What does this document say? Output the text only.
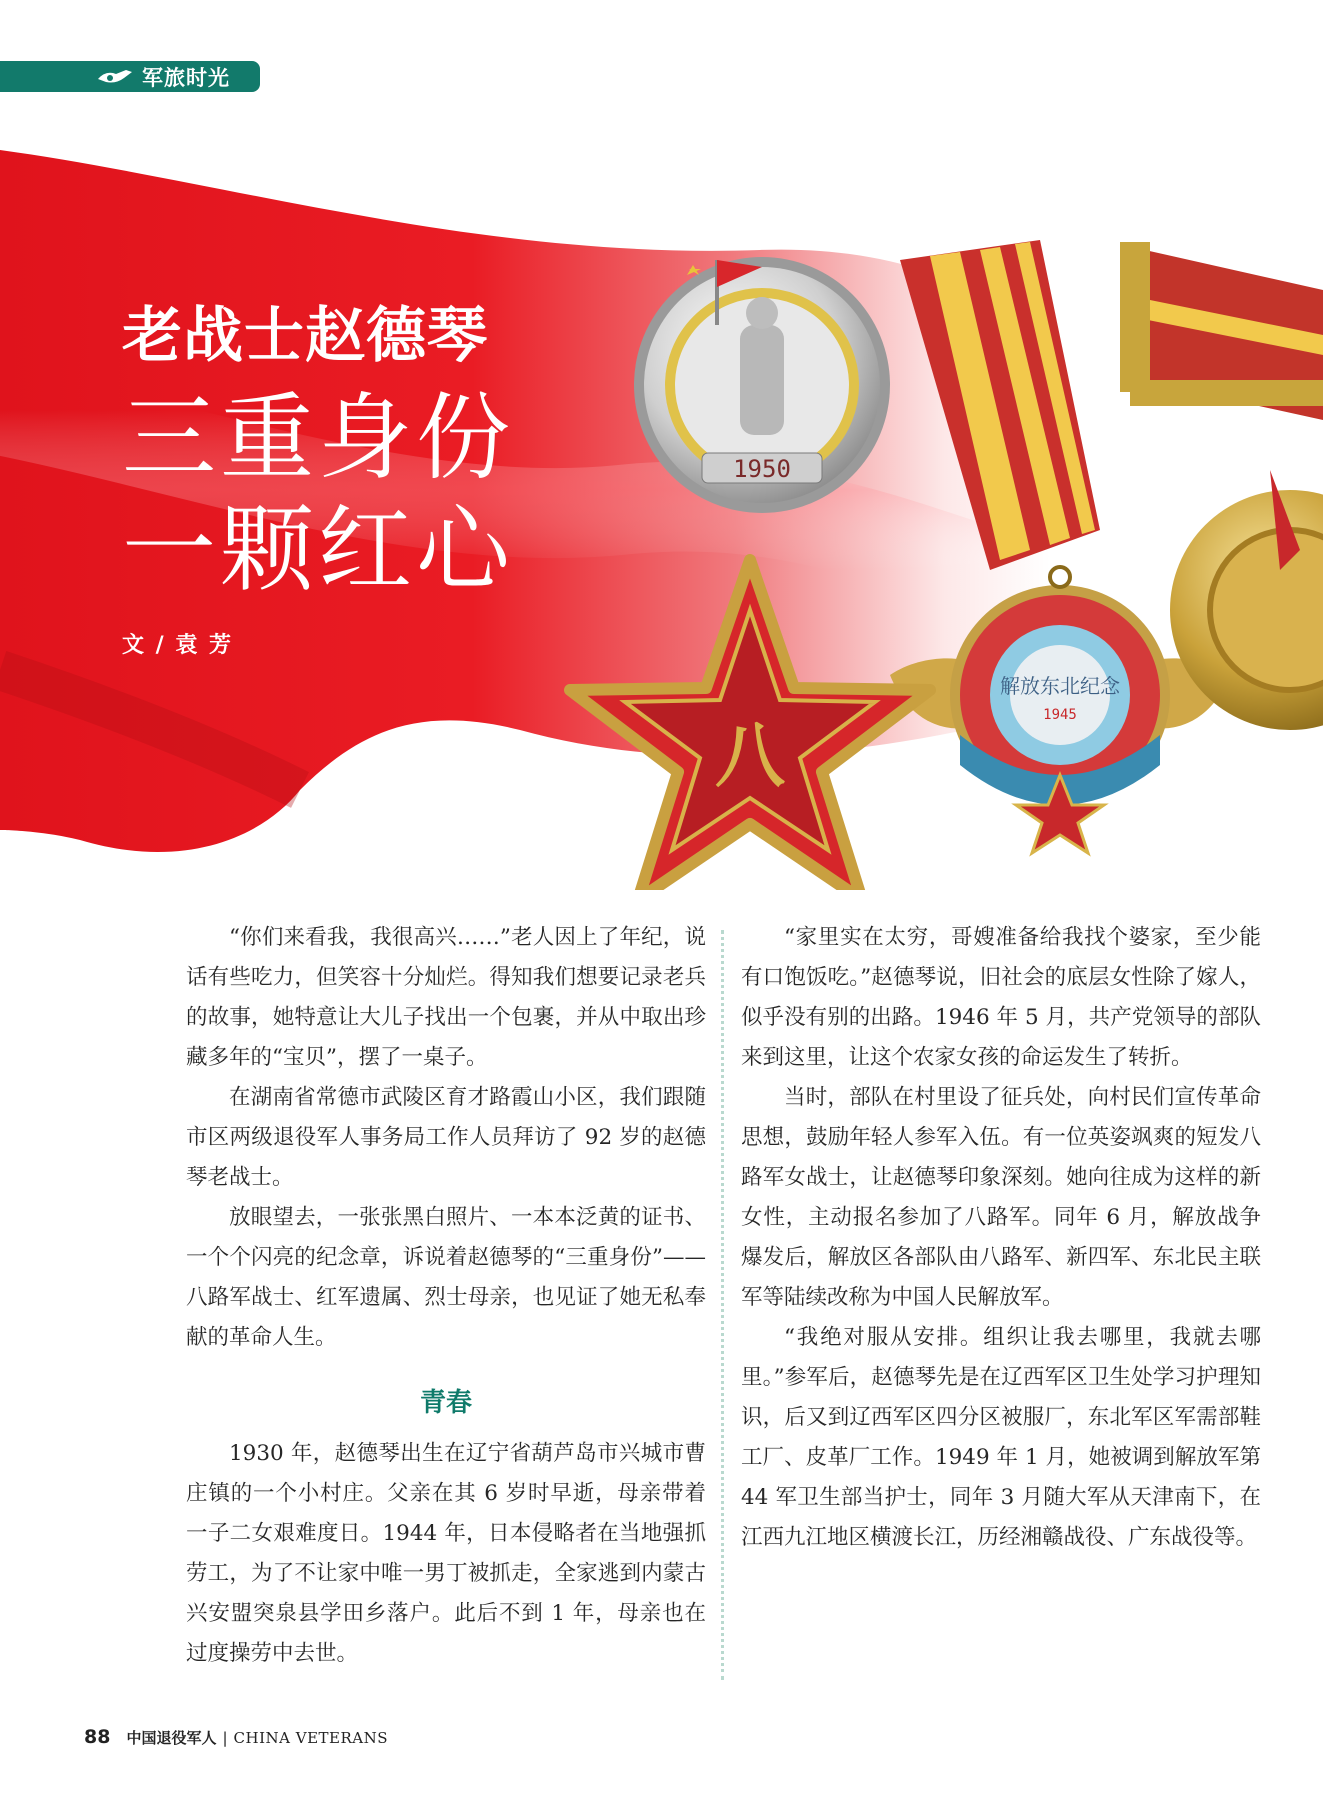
军旅时光
1950
解放东北纪念
1945
八
老战士赵德琴
三重身份
一颗红心
文 / 袁 芳

“你们来看我，我很高兴……”老人因上了年纪，说话有些吃力，但笑容十分灿烂。得知我们想要记录老兵的故事，她特意让大儿子找出一个包裹，并从中取出珍藏多年的“宝贝”，摆了一桌子。

在湖南省常德市武陵区育才路霞山小区，我们跟随市区两级退役军人事务局工作人员拜访了 92 岁的赵德琴老战士。

放眼望去，一张张黑白照片、一本本泛黄的证书、一个个闪亮的纪念章，诉说着赵德琴的“三重身份”——八路军战士、红军遗属、烈士母亲，也见证了她无私奉献的革命人生。

青春

1930 年，赵德琴出生在辽宁省葫芦岛市兴城市曹庄镇的一个小村庄。父亲在其 6 岁时早逝，母亲带着一子二女艰难度日。1944 年，日本侵略者在当地强抓劳工，为了不让家中唯一男丁被抓走，全家逃到内蒙古兴安盟突泉县学田乡落户。此后不到 1 年，母亲也在过度操劳中去世。

“家里实在太穷，哥嫂准备给我找个婆家，至少能有口饱饭吃。”赵德琴说，旧社会的底层女性除了嫁人，似乎没有别的出路。1946 年 5 月，共产党领导的部队来到这里，让这个农家女孩的命运发生了转折。

当时，部队在村里设了征兵处，向村民们宣传革命思想，鼓励年轻人参军入伍。有一位英姿飒爽的短发八路军女战士，让赵德琴印象深刻。她向往成为这样的新女性，主动报名参加了八路军。同年 6 月，解放战争爆发后，解放区各部队由八路军、新四军、东北民主联军等陆续改称为中国人民解放军。

“我绝对服从安排。组织让我去哪里，我就去哪里。”参军后，赵德琴先是在辽西军区卫生处学习护理知识，后又到辽西军区四分区被服厂，东北军区军需部鞋工厂、皮革厂工作。1949 年 1 月，她被调到解放军第 44 军卫生部当护士，同年 3 月随大军从天津南下，在江西九江地区横渡长江，历经湘赣战役、广东战役等。

88 中国退役军人 | CHINA VETERANS
